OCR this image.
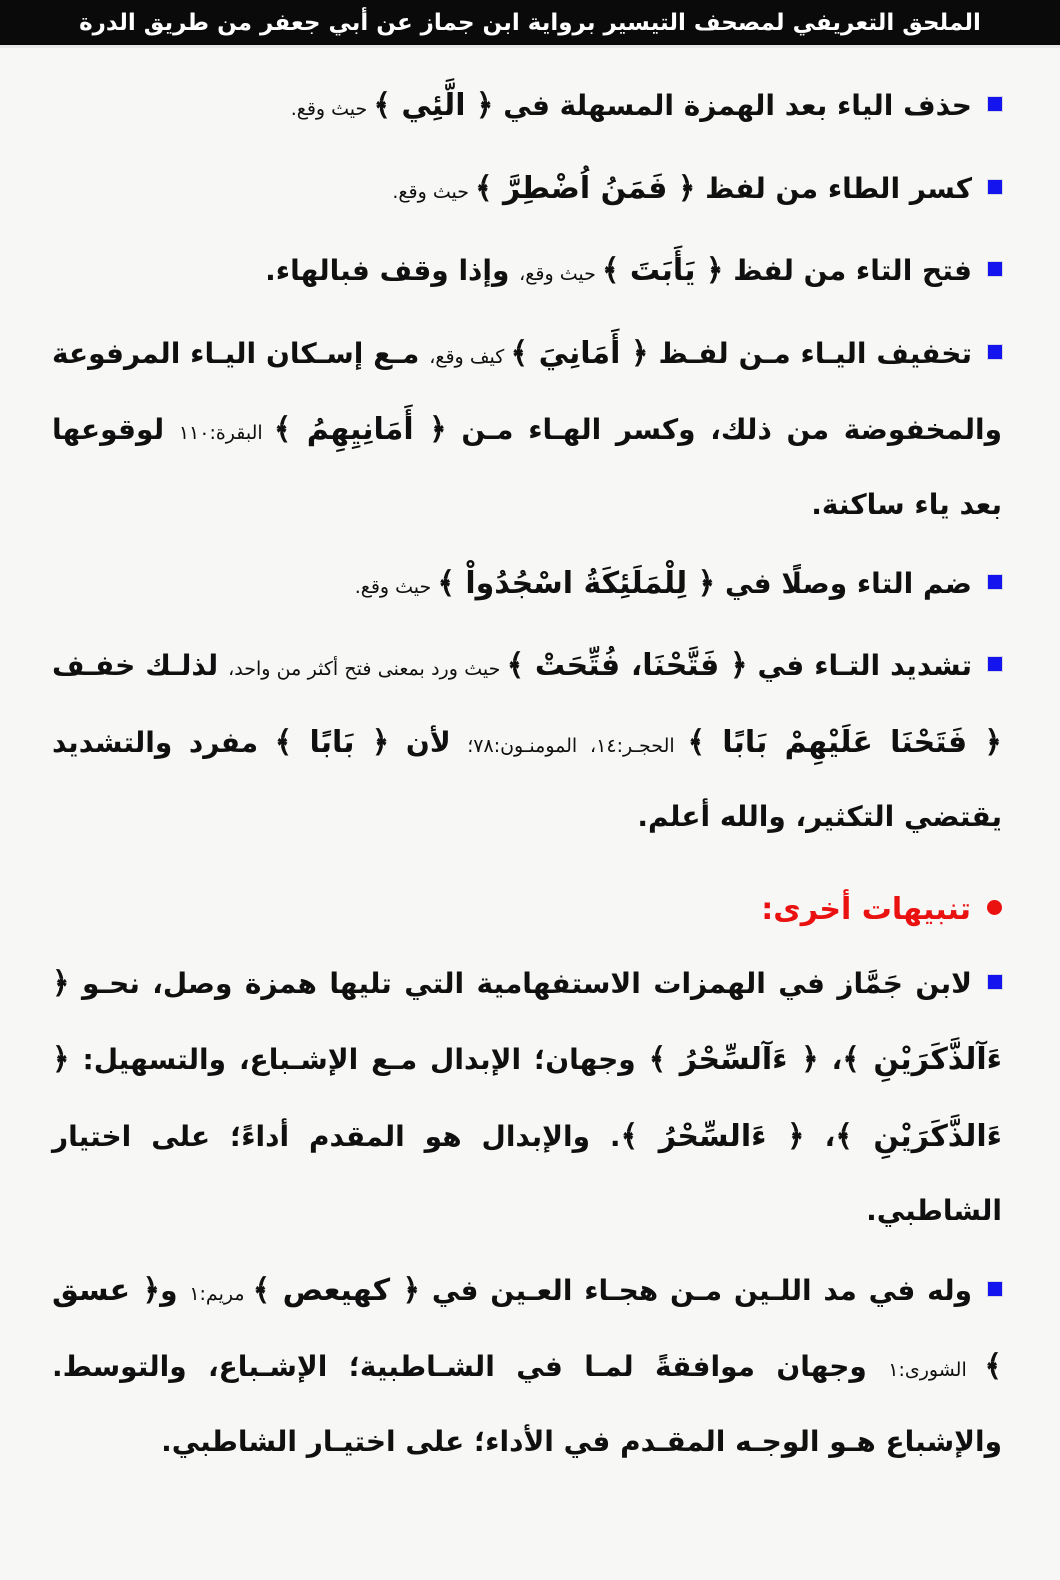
الملحق التعريفي لمصحف التيسير برواية ابن جماز عن أبي جعفر من طريق الدرة
حذف الياء بعد الهمزة المسهلة في ﴿ الَّئِي ﴾ حيث وقع.
كسر الطاء من لفظ ﴿ فَمَنُ اُضْطِرَّ ﴾ حيث وقع.
فتح التاء من لفظ ﴿ يَأَبَتَ ﴾ حيث وقع، وإذا وقف فبالهاء.
تخفيف اليـاء مـن لفـظ ﴿ أَمَانِيَ ﴾ كيف وقع، مـع إسـكان اليـاء المرفوعة والمخفوضة من ذلك، وكسر الهـاء مـن ﴿ أَمَانِيِهِمُ ﴾ البقرة:١١٠ لوقوعها بعد ياء ساكنة.
ضم التاء وصلًا في ﴿ لِلْمَلَئِكَةُ اسْجُدُواْ ﴾ حيث وقع.
تشديد التـاء في ﴿ فَتَّحْنَا، فُتِّحَتْ ﴾ حيث ورد بمعنى فتح أكثر من واحد، لذلـك خفـف ﴿ فَتَحْنَا عَلَيْهِمْ بَابًا ﴾ الحجـر:١٤، المومنـون:٧٨؛ لأن ﴿ بَابًا ﴾ مفرد والتشديد يقتضي التكثير، والله أعلم.
تنبيهات أخرى:
لابن جَمَّاز في الهمزات الاستفهامية التي تليها همزة وصل، نحـو ﴿ ءَآلذَّكَرَيْنِ ﴾، ﴿ ءَآلسِّحْرُ ﴾ وجهان؛ الإبدال مـع الإشـباع، والتسهيل: ﴿ ءَالذَّكَرَيْنِ ﴾، ﴿ ءَالسِّحْرُ ﴾. والإبدال هو المقدم أداءً؛ على اختيار الشاطبي.
وله في مد اللـين مـن هجـاء العـين في ﴿ كهيعص ﴾ مريم:١ و﴿ عسق ﴾ الشورى:١ وجهان موافقةً لمـا في الشـاطبية؛ الإشـباع، والتوسط. والإشباع هـو الوجـه المقـدم في الأداء؛ على اختيـار الشاطبي.
